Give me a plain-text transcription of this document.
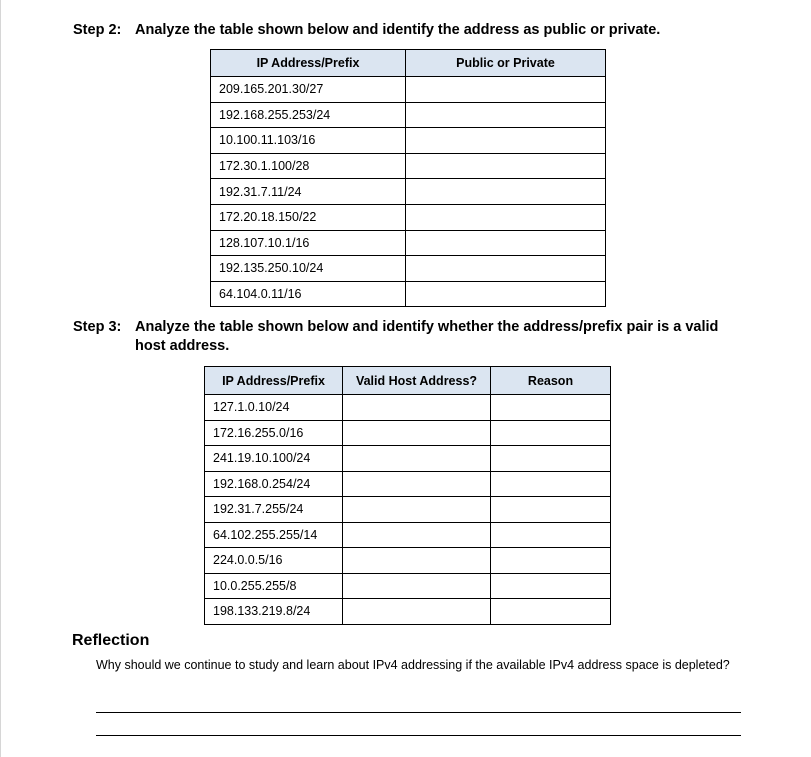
Step 2: Analyze the table shown below and identify the address as public or private.
IP Address/Prefix	Public or Private
209.165.201.30/27	
192.168.255.253/24	
10.100.11.103/16	
172.30.1.100/28	
192.31.7.11/24	
172.20.18.150/22	
128.107.10.1/16	
192.135.250.10/24	
64.104.0.11/16	
Step 3: Analyze the table shown below and identify whether the address/prefix pair is a valid host address.
IP Address/Prefix	Valid Host Address?	Reason
127.1.0.10/24		
172.16.255.0/16		
241.19.10.100/24		
192.168.0.254/24		
192.31.7.255/24		
64.102.255.255/14		
224.0.0.5/16		
10.0.255.255/8		
198.133.219.8/24		
Reflection
Why should we continue to study and learn about IPv4 addressing if the available IPv4 address space is depleted?
